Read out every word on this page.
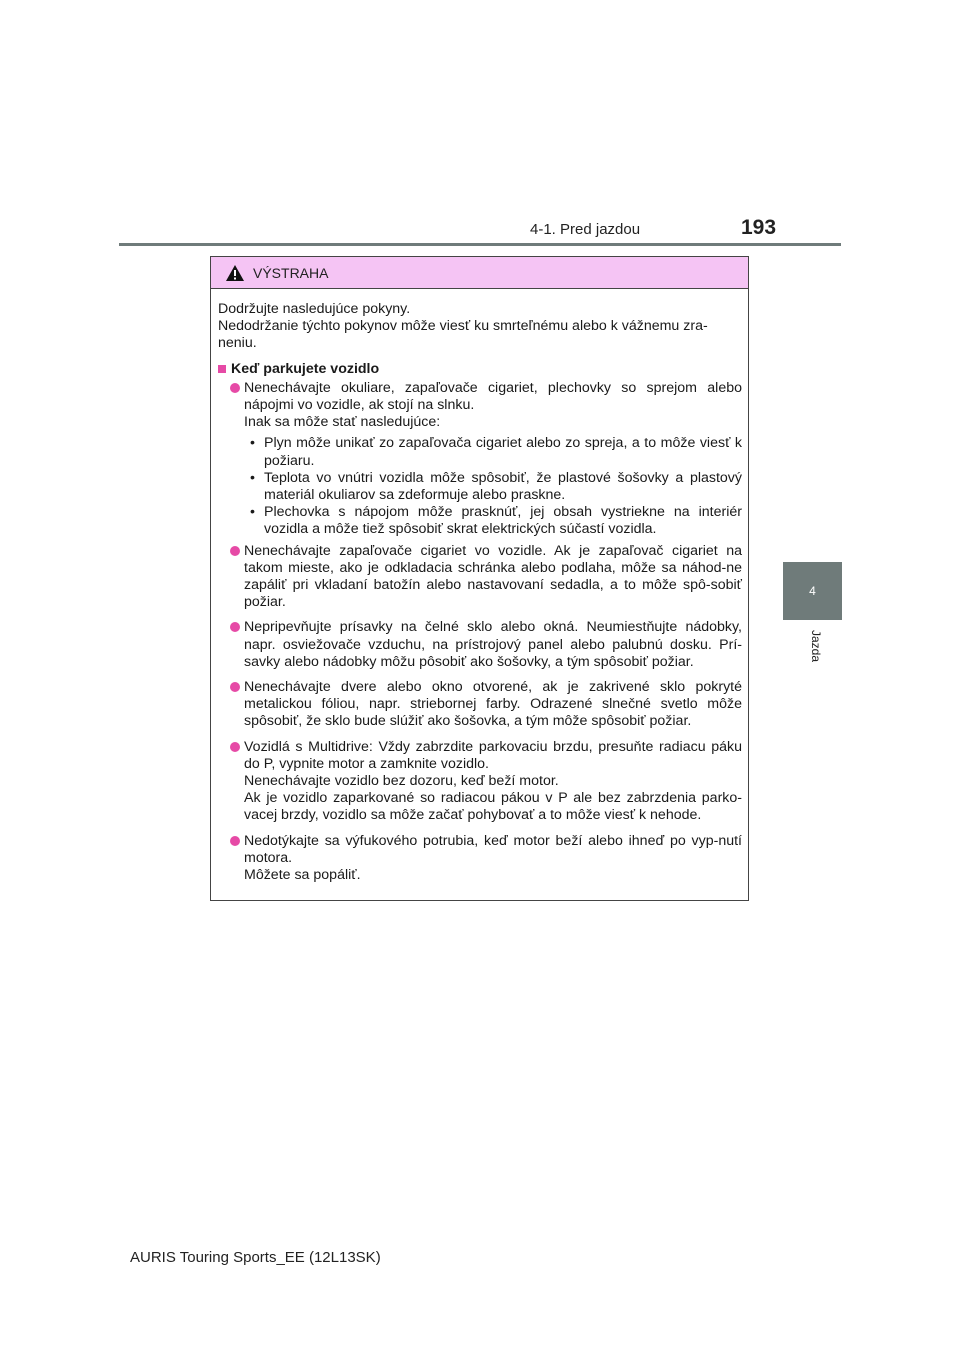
4-1. Pred jazdou	193
4
Jazda
VÝSTRAHA
Dodržujte nasledujúce pokyny.
Nedodržanie týchto pokynov môže viesť ku smrteľnému alebo k vážnemu zra-neniu.
Keď parkujete vozidlo
Nenechávajte okuliare, zapaľovače cigariet, plechovky so sprejom alebo nápojmi vo vozidle, ak stojí na slnku.
Inak sa môže stať nasledujúce:
• Plyn môže unikať zo zapaľovača cigariet alebo zo spreja, a to môže viesť k požiaru.
• Teplota vo vnútri vozidla môže spôsobiť, že plastové šošovky a plastový materiál okuliarov sa zdeformuje alebo praskne.
• Plechovka s nápojom môže prasknúť, jej obsah vystriekne na interiér vozidla a môže tiež spôsobiť skrat elektrických súčastí vozidla.
Nenechávajte zapaľovače cigariet vo vozidle. Ak je zapaľovač cigariet na takom mieste, ako je odkladacia schránka alebo podlaha, môže sa náhod-ne zapáliť pri vkladaní batožín alebo nastavovaní sedadla, a to môže spô-sobiť požiar.
Nepripevňujte prísavky na čelné sklo alebo okná. Neumiestňujte nádobky, napr. osviežovače vzduchu, na prístrojový panel alebo palubnú dosku. Prí-savky alebo nádobky môžu pôsobiť ako šošovky, a tým spôsobiť požiar.
Nenechávajte dvere alebo okno otvorené, ak je zakrivené sklo pokryté metalickou fóliou, napr. striebornej farby. Odrazené slnečné svetlo môže spôsobiť, že sklo bude slúžiť ako šošovka, a tým môže spôsobiť požiar.
Vozidlá s Multidrive: Vždy zabrzdite parkovaciu brzdu, presuňte radiacu páku do P, vypnite motor a zamknite vozidlo.
Nenechávajte vozidlo bez dozoru, keď beží motor.
Ak je vozidlo zaparkované so radiacou pákou v P ale bez zabrzdenia parko-vacej brzdy, vozidlo sa môže začať pohybovať a to môže viesť k nehode.
Nedotýkajte sa výfukového potrubia, keď motor beží alebo ihneď po vyp-nutí motora.
Môžete sa popáliť.
AURIS Touring Sports_EE (12L13SK)
